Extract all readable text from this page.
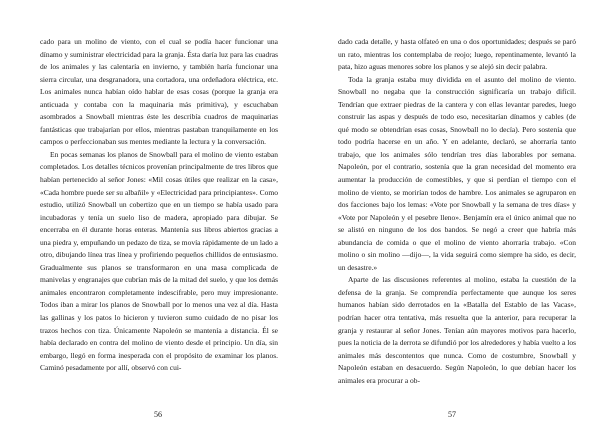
cado para un molino de viento, con el cual se podía hacer funcionar una dínamo y suministrar electricidad para la granja. Ésta daría luz para las cuadras de los animales y las calentaría en invierno, y también haría funcionar una sierra circular, una desgranadora, una cortadora, una ordeñadora eléctrica, etc. Los animales nunca habían oído hablar de esas cosas (porque la granja era anticuada y contaba con la maquinaria más primitiva), y escuchaban asombrados a Snowball mientras éste les describía cuadros de maquinarias fantásticas que trabajarían por ellos, mientras pastaban tranquilamente en los campos o perfeccionaban sus mentes mediante la lectura y la conversación.

En pocas semanas los planos de Snowball para el molino de viento estaban completados. Los detalles técnicos provenían principalmente de tres libros que habían pertenecido al señor Jones: «Mil cosas útiles que realizar en la casa», «Cada hombre puede ser su albañil» y «Electricidad para principiantes». Como estudio, utilizó Snowball un cobertizo que en un tiempo se había usado para incubadoras y tenía un suelo liso de madera, apropiado para dibujar. Se encerraba en él durante horas enteras. Mantenía sus libros abiertos gracias a una piedra y, empuñando un pedazo de tiza, se movía rápidamente de un lado a otro, dibujando línea tras línea y profiriendo pequeños chillidos de entusiasmo. Gradualmente sus planos se transformaron en una masa complicada de manivelas y engranajes que cubrían más de la mitad del suelo, y que los demás animales encontraron completamente indescifrable, pero muy impresionante. Todos iban a mirar los planos de Snowball por lo menos una vez al día. Hasta las gallinas y los patos lo hicieron y tuvieron sumo cuidado de no pisar los trazos hechos con tiza. Únicamente Napoleón se mantenía a distancia. Él se había declarado en contra del molino de viento desde el principio. Un día, sin embargo, llegó en forma inesperada con el propósito de examinar los planos. Caminó pesadamente por allí, observó con cui-

56

dado cada detalle, y hasta olfateó en una o dos oportunidades; después se paró un rato, mientras los contemplaba de reojo; luego, repentinamente, levantó la pata, hizo aguas menores sobre los planos y se alejó sin decir palabra.

Toda la granja estaba muy dividida en el asunto del molino de viento. Snowball no negaba que la construcción significaría un trabajo difícil. Tendrían que extraer piedras de la cantera y con ellas levantar paredes, luego construir las aspas y después de todo eso, necesitarían dínamos y cables (de qué modo se obtendrían esas cosas, Snowball no lo decía). Pero sostenía que todo podría hacerse en un año. Y en adelante, declaró, se ahorraría tanto trabajo, que los animales sólo tendrían tres días laborables por semana. Napoleón, por el contrario, sostenía que la gran necesidad del momento era aumentar la producción de comestibles, y que si perdían el tiempo con el molino de viento, se morirían todos de hambre. Los animales se agruparon en dos facciones bajo los lemas: «Vote por Snowball y la semana de tres días» y «Vote por Napoleón y el pesebre lleno». Benjamín era el único animal que no se alistó en ninguno de los dos bandos. Se negó a creer que habría más abundancia de comida o que el molino de viento ahorraría trabajo. «Con molino o sin molino —dijo—, la vida seguirá como siempre ha sido, es decir, un desastre.»

Aparte de las discusiones referentes al molino, estaba la cuestión de la defensa de la granja. Se comprendía perfectamente que aunque los seres humanos habían sido derrotados en la «Batalla del Establo de las Vacas», podrían hacer otra tentativa, más resuelta que la anterior, para recuperar la granja y restaurar al señor Jones. Tenían aún mayores motivos para hacerlo, pues la noticia de la derrota se difundió por los alrededores y había vuelto a los animales más descontentos que nunca. Como de costumbre, Snowball y Napoleón estaban en desacuerdo. Según Napoleón, lo que debían hacer los animales era procurar a ob-

57
